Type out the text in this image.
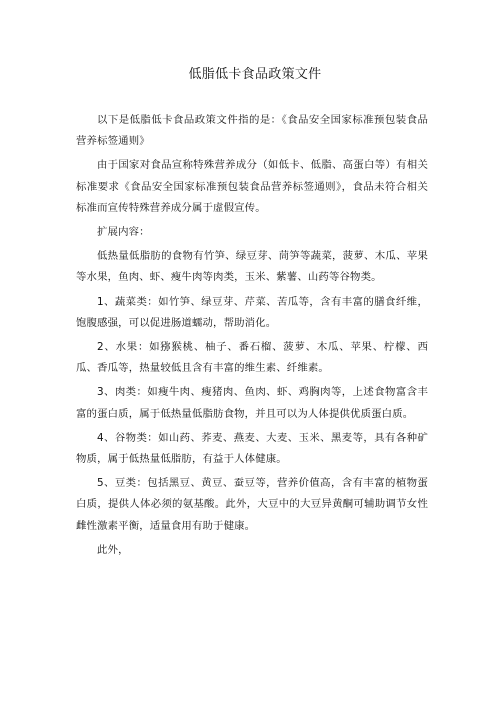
低脂低卡食品政策文件

以下是低脂低卡食品政策文件指的是：《食品安全国家标准预包装食品营养标签通则》

由于国家对食品宣称特殊营养成分（如低卡、低脂、高蛋白等）有相关标准要求《食品安全国家标准预包装食品营养标签通则》，食品未符合相关标准而宣传特殊营养成分属于虚假宣传。

扩展内容：

低热量低脂肪的食物有竹笋、绿豆芽、茼笋等蔬菜，菠萝、木瓜、苹果等水果，鱼肉、虾、瘦牛肉等肉类，玉米、紫薯、山药等谷物类。

1、蔬菜类：如竹笋、绿豆芽、芹菜、苦瓜等，含有丰富的膳食纤维，饱腹感强，可以促进肠道蠕动，帮助消化。

2、水果：如猕猴桃、柚子、番石榴、菠萝、木瓜、苹果、柠檬、西瓜、香瓜等，热量较低且含有丰富的维生素、纤维素。

3、肉类：如瘦牛肉、瘦猪肉、鱼肉、虾、鸡胸肉等，上述食物富含丰富的蛋白质，属于低热量低脂肪食物，并且可以为人体提供优质蛋白质。

4、谷物类：如山药、荞麦、燕麦、大麦、玉米、黑麦等，具有各种矿物质，属于低热量低脂肪，有益于人体健康。

5、豆类：包括黑豆、黄豆、蚕豆等，营养价值高，含有丰富的植物蛋白质，提供人体必须的氨基酸。此外，大豆中的大豆异黄酮可辅助调节女性雌性激素平衡，适量食用有助于健康。

此外，
